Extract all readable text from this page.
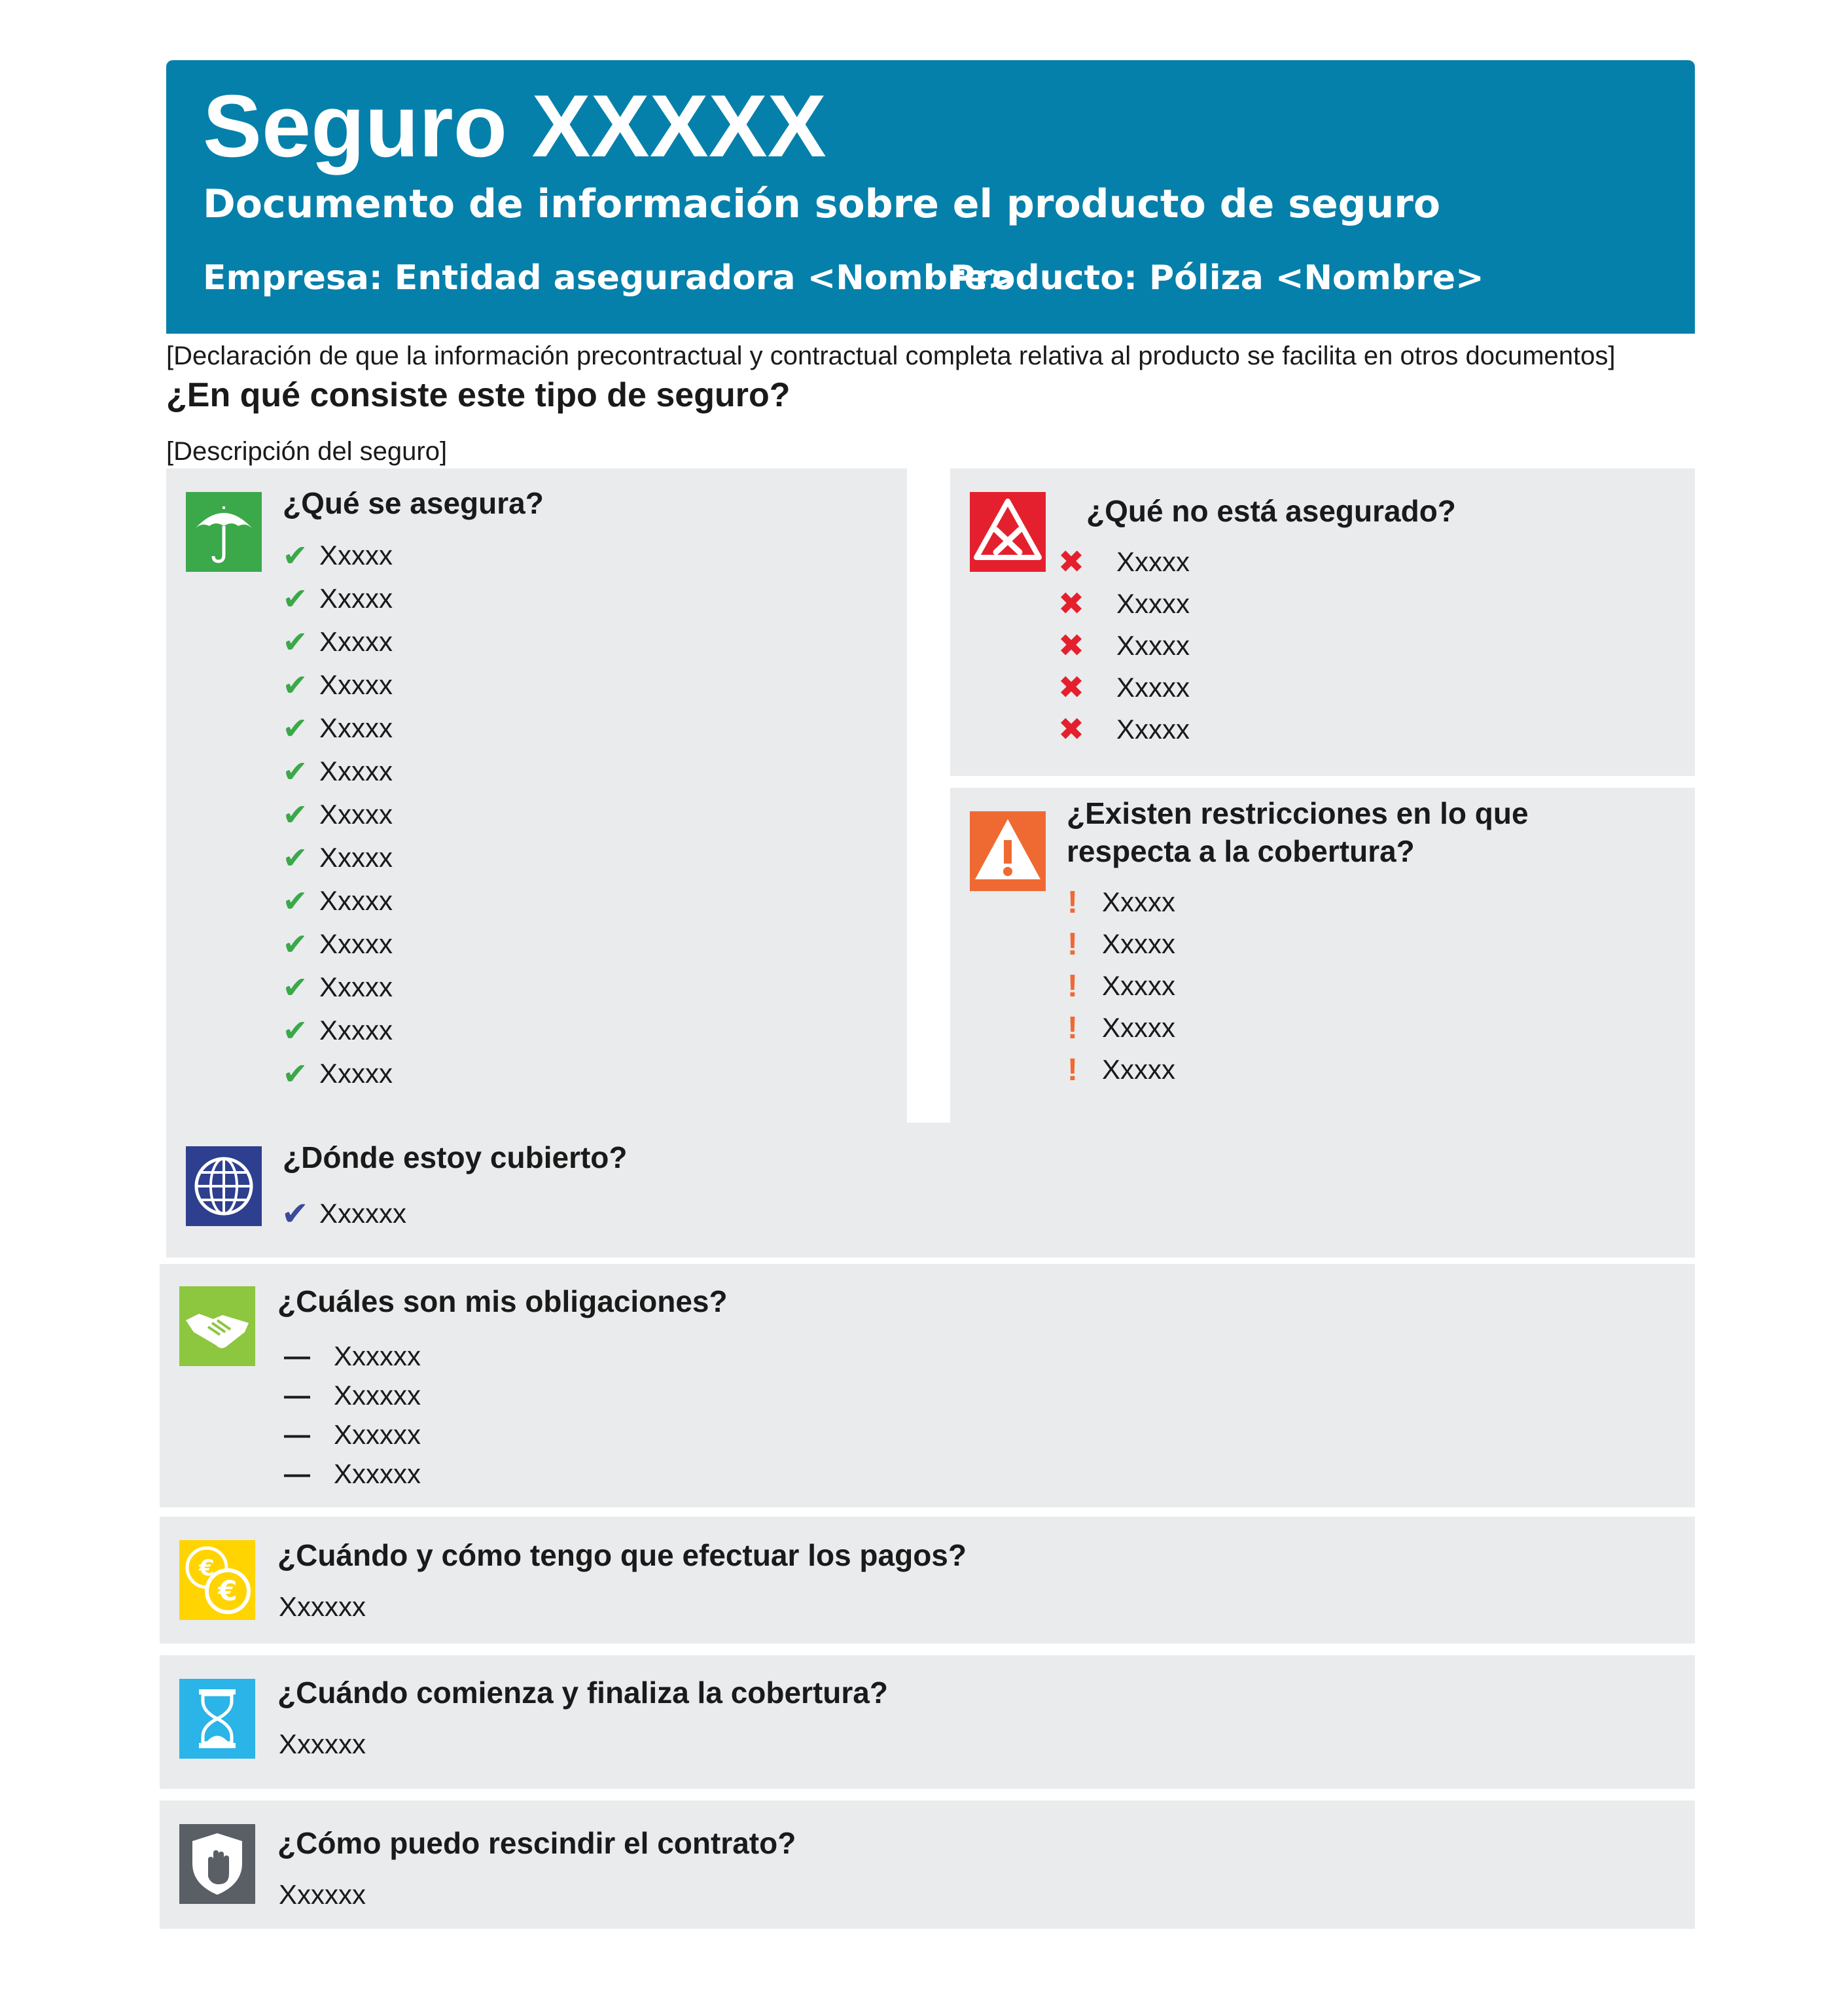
Seguro XXXXX
Documento de información sobre el producto de seguro
Empresa: Entidad aseguradora <Nombre>
Producto: Póliza <Nombre>
[Declaración de que la información precontractual y contractual completa relativa al producto se facilita en otros documentos]
¿En qué consiste este tipo de seguro?
[Descripción del seguro]
¿Qué se asegura?
✔ Xxxxx
✔ Xxxxx
✔ Xxxxx
✔ Xxxxx
✔ Xxxxx
✔ Xxxxx
✔ Xxxxx
✔ Xxxxx
✔ Xxxxx
✔ Xxxxx
✔ Xxxxx
✔ Xxxxx
✔ Xxxxx
¿Qué no está asegurado?
✖ Xxxxx
✖ Xxxxx
✖ Xxxxx
✖ Xxxxx
✖ Xxxxx
¿Existen restricciones en lo que
respecta a la cobertura?
! Xxxxx
! Xxxxx
! Xxxxx
! Xxxxx
! Xxxxx
¿Dónde estoy cubierto?
✔ Xxxxxx
¿Cuáles son mis obligaciones?
— Xxxxxx
— Xxxxxx
— Xxxxxx
— Xxxxxx
€
€
¿Cuándo y cómo tengo que efectuar los pagos?
Xxxxxx
¿Cuándo comienza y finaliza la cobertura?
Xxxxxx
¿Cómo puedo rescindir el contrato?
Xxxxxx
